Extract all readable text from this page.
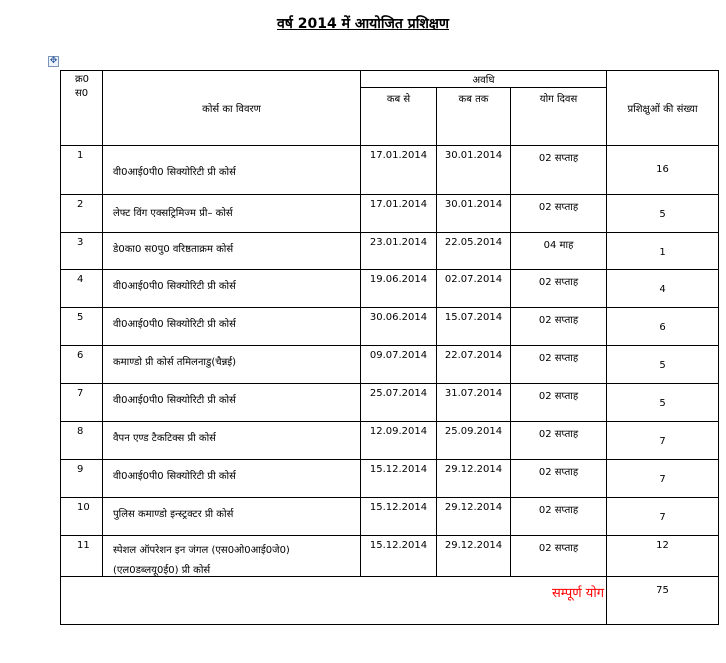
वर्ष 2014 में आयोजित प्रशिक्षण
✥
क्र0
स0	कोर्स का विवरण	अवधि			प्रशिक्षुओं की संख्या
		कब से	कब तक	योग दिवस	
1	वी0आई0पी0 सिक्योरिटी प्री कोर्स	17.01.2014	30.01.2014	02 सप्ताह	16
2	लेफ्ट विंग एक्सट्रिमिज्म प्री– कोर्स	17.01.2014	30.01.2014	02 सप्ताह	5
3	डे0का0 स0पु0 वरिष्ठताक्रम कोर्स	23.01.2014	22.05.2014	04 माह	1
4	वी0आई0पी0 सिक्योरिटी प्री कोर्स	19.06.2014	02.07.2014	02 सप्ताह	4
5	वी0आई0पी0 सिक्योरिटी प्री कोर्स	30.06.2014	15.07.2014	02 सप्ताह	6
6	कमाण्डो प्री कोर्स तमिलनाडु(चैन्नई)	09.07.2014	22.07.2014	02 सप्ताह	5
7	वी0आई0पी0 सिक्योरिटी प्री कोर्स	25.07.2014	31.07.2014	02 सप्ताह	5
8	वैपन एण्ड टैकटिक्स प्री कोर्स	12.09.2014	25.09.2014	02 सप्ताह	7
9	वी0आई0पी0 सिक्योरिटी प्री कोर्स	15.12.2014	29.12.2014	02 सप्ताह	7
10	पुलिस कमाण्डो इन्स्ट्रक्टर प्री कोर्स	15.12.2014	29.12.2014	02 सप्ताह	7
11	स्पेशल ऑपरेशन इन जंगल (एस0ओ0आई0जे0)
(एल0डब्लयू0ई0) प्री कोर्स	15.12.2014	29.12.2014	02 सप्ताह	12

सम्पूर्ण योग					75
